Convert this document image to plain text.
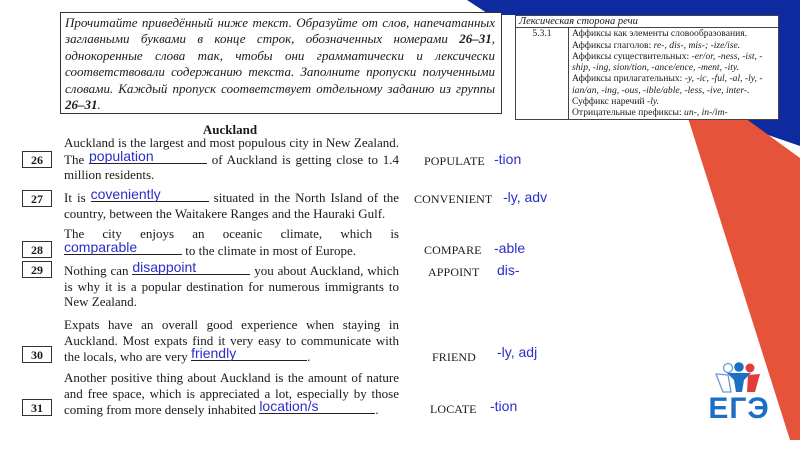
Прочитайте приведённый ниже текст. Образуйте от слов, напечатанных заглавными буквами в конце строк, обозначенных номерами 26–31, однокоренные слова так, чтобы они грамматически и лексически соответствовали содержанию текста. Заполните пропуски полученными словами. Каждый пропуск соответствует отдельному заданию из группы 26–31.
Лексическая сторона речи
5.3.1	Аффиксы как элементы словообразования.
Аффиксы глаголов: re-, dis-, mis-; -ize/ise.
Аффиксы существительных: -er/or, -ness, -ist, -ship, -ing, sion/tion, -ance/ence, -ment, -ity.
Аффиксы прилагательных: -y, -ic, -ful, -al, -ly, -ian/an, -ing, -ous, -ible/able, -less, -ive, inter-.
Суффикс наречий -ly.
Отрицательные префиксы: un-, in-/im-
Auckland
26
Auckland is the largest and most populous city in New Zealand. The population	of Auckland is getting close to 1.4 million residents.
POPULATE -tion
27	It is coveniently	situated in the North Island of the country, between the Waitakere Ranges and the Hauraki Gulf.
CONVENIENT -ly, adv
28
The city enjoys an oceanic climate, which is
comparable	to the climate in most of Europe.	COMPARE -able
29	Nothing can disappoint	you about Auckland, which is why it is a popular destination for numerous immigrants to New Zealand.
APPOINT dis-
30
Expats have an overall good experience when staying in Auckland. Most expats find it very easy to communicate with the locals, who are very friendly	.	FRIEND -ly, adj
31
Another positive thing about Auckland is the amount of nature and free space, which is appreciated a lot, especially by those coming from more densely inhabited location/s	.	LOCATE -tion	ЕГЭ
